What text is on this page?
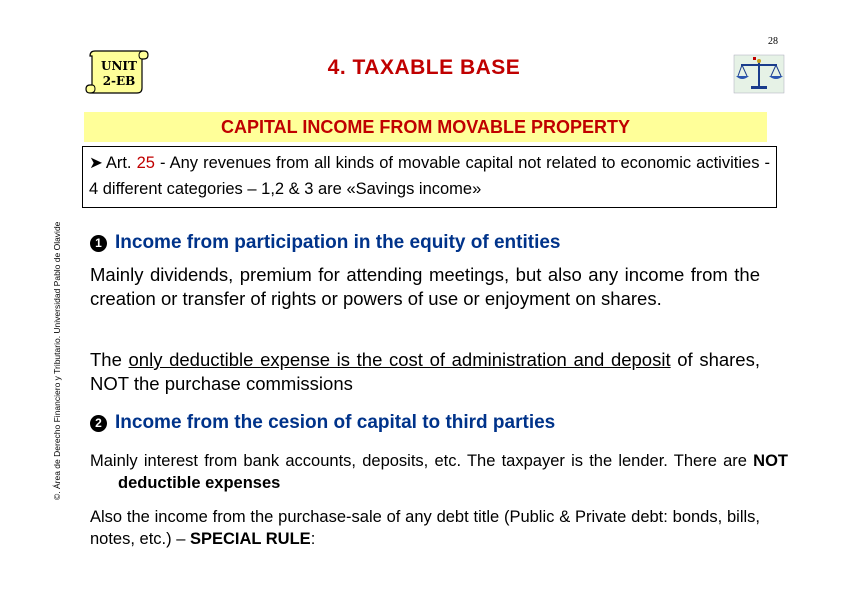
28
UNIT
2-EB
4. TAXABLE BASE
©. Área de Derecho Financiero y Tributario. Universidad Pablo de Olavide
CAPITAL INCOME FROM MOVABLE PROPERTY
➤ Art. 25 - Any revenues from all kinds of movable capital not related to economic activities - 4 different categories – 1,2 & 3 are «Savings income»
1 Income from participation in the equity of entities
Mainly dividends, premium for attending meetings, but also any income from the creation or transfer of rights or powers of use or enjoyment on shares.
The only deductible expense is the cost of administration and deposit of shares, NOT the purchase commissions
2 Income from the cesion of capital to third parties
Mainly interest from bank accounts, deposits, etc. The taxpayer is the lender. There are NOT deductible expenses
Also the income from the purchase-sale of any debt title (Public & Private debt: bonds, bills, notes, etc.) – SPECIAL RULE:
